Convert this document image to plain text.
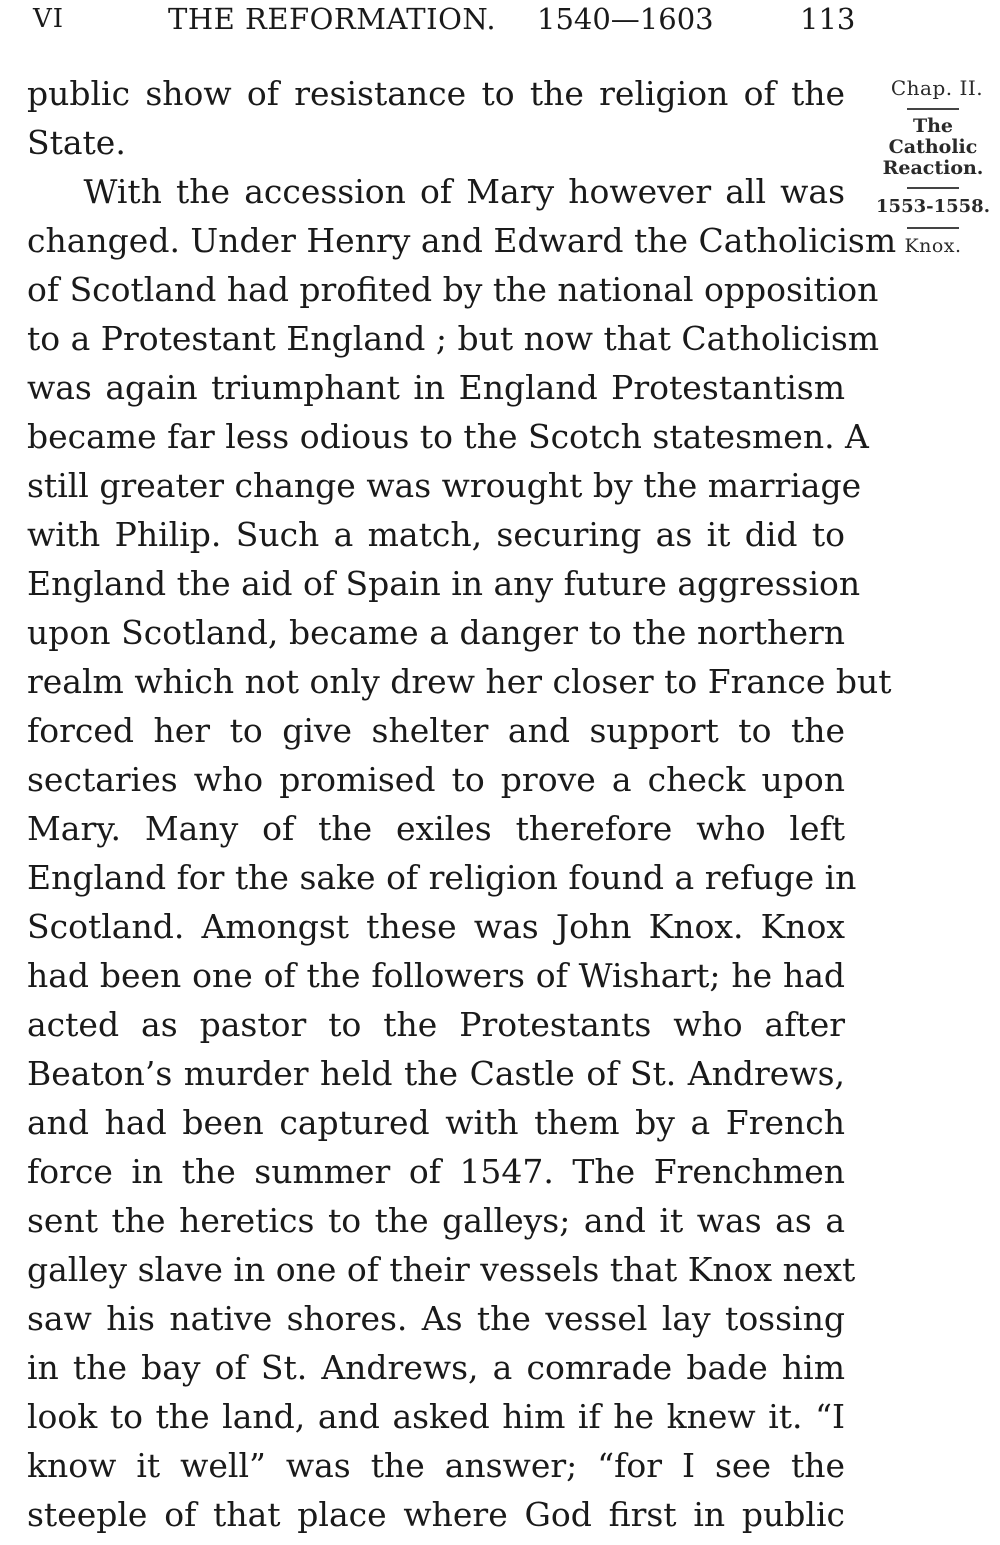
VI	THE REFORMATION. 1540—1603	113
public show of resistance to the religion of the
State.
With the accession of Mary however all was
changed. Under Henry and Edward the Catholicism
of Scotland had profited by the national opposition
to a Protestant England ; but now that Catholicism
was again triumphant in England Protestantism
became far less odious to the Scotch statesmen. A
still greater change was wrought by the marriage
with Philip. Such a match, securing as it did to
England the aid of Spain in any future aggression
upon Scotland, became a danger to the northern
realm which not only drew her closer to France but
forced her to give shelter and support to the
sectaries who promised to prove a check upon
Mary. Many of the exiles therefore who left
England for the sake of religion found a refuge in
Scotland. Amongst these was John Knox. Knox
had been one of the followers of Wishart; he had
acted as pastor to the Protestants who after
Beaton’s murder held the Castle of St. Andrews,
and had been captured with them by a French
force in the summer of 1547. The Frenchmen
sent the heretics to the galleys; and it was as a
galley slave in one of their vessels that Knox next
saw his native shores. As the vessel lay tossing
in the bay of St. Andrews, a comrade bade him
look to the land, and asked him if he knew it. “I
know it well” was the answer; “for I see the
steeple of that place where God first in public
Chap. II.
The
Catholic
Reaction.
1553-1558.
Knox.
